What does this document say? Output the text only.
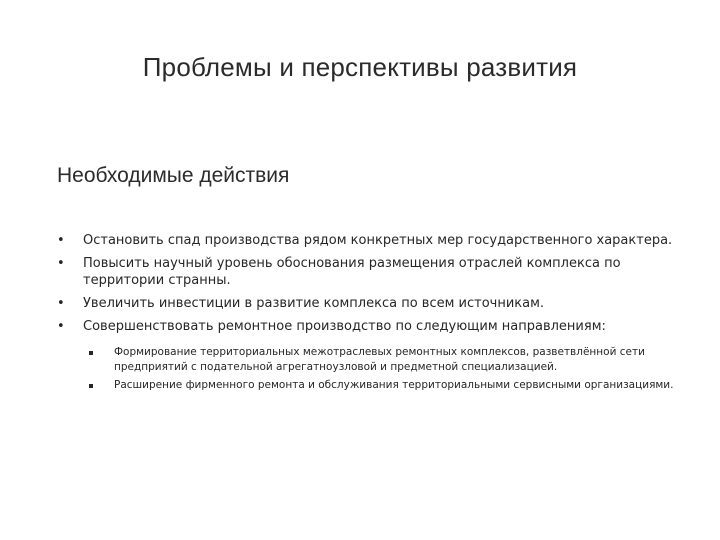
Проблемы и перспективы развития
Необходимые действия
• Остановить спад производства рядом конкретных мер государственного характера.
• Повысить научный уровень обоснования размещения отраслей комплекса по территории странны.
• Увеличить инвестиции в развитие комплекса по всем источникам.
• Совершенствовать ремонтное производство по следующим направлениям:
Формирование территориальных межотраслевых ремонтных комплексов, разветвлённой сети предприятий с подательной агрегатноузловой и предметной специализацией.
Расширение фирменного ремонта и обслуживания территориальными сервисными организациями.
